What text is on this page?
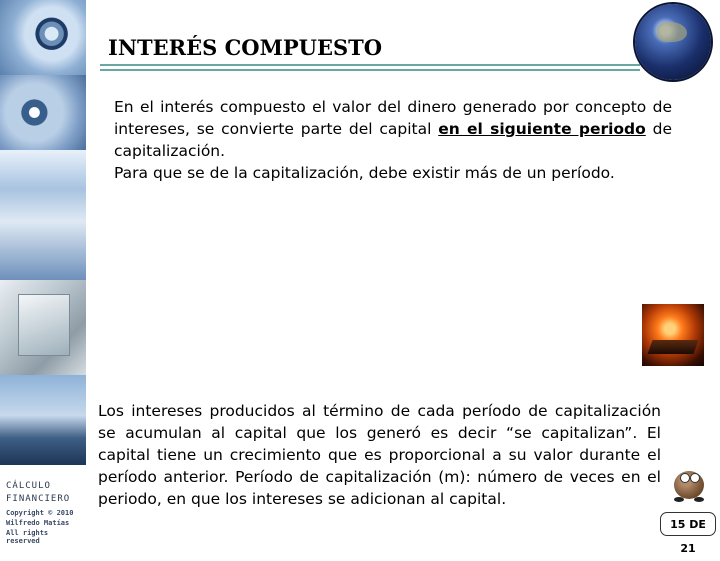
CÁLCULO
FINANCIERO
Copyright © 2010
Wilfredo Matías
All rights reserved
INTERÉS COMPUESTO

En el interés compuesto el valor del dinero generado por concepto de intereses, se convierte parte del capital en el siguiente periodo de capitalización.
Para que se de la capitalización, debe existir más de un período.

Los intereses producidos al término de cada período de capitalización se acumulan al capital que los generó es decir “se capitalizan”. El capital tiene un crecimiento que es proporcional a su valor durante el período anterior. Período de capitalización (m): número de veces en el periodo, en que los intereses se adicionan al capital.

15 DE 21
